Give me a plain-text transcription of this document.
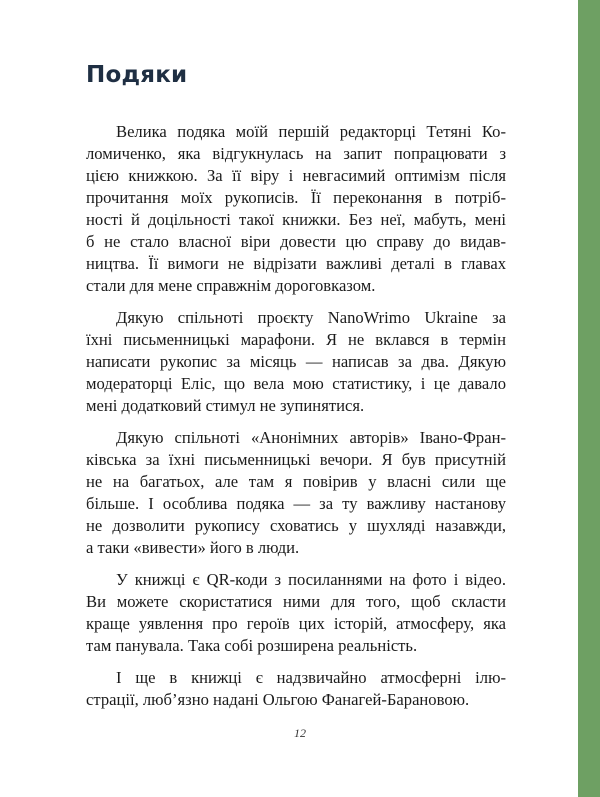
Подяки

Велика подяка моїй першій редакторці Тетяні Ко-
ломиченко, яка відгукнулась на запит попрацювати з
цією книжкою. За її віру і невгасимий оптимізм після
прочитання моїх рукописів. Її переконання в потріб-
ності й доцільності такої книжки. Без неї, мабуть, мені
б не стало власної віри довести цю справу до видав-
ництва. Її вимоги не відрізати важливі деталі в главах
стали для мене справжнім дороговказом.

Дякую спільноті проєкту NanoWrimo Ukraine за
їхні письменницькі марафони. Я не вклався в термін
написати рукопис за місяць — написав за два. Дякую
модераторці Еліс, що вела мою статистику, і це давало
мені додатковий стимул не зупинятися.

Дякую спільноті «Анонімних авторів» Івано-Фран-
ківська за їхні письменницькі вечори. Я був присутній
не на багатьох, але там я повірив у власні сили ще
більше. І особлива подяка — за ту важливу настанову
не дозволити рукопису сховатись у шухляді назавжди,
а таки «вивести» його в люди.

У книжці є QR-коди з посиланнями на фото і відео.
Ви можете скористатися ними для того, щоб скласти
краще уявлення про героїв цих історій, атмосферу, яка
там панувала. Така собі розширена реальність.

І ще в книжці є надзвичайно атмосферні ілю-
страції, люб’язно надані Ольгою Фанагей-Барановою.

12
